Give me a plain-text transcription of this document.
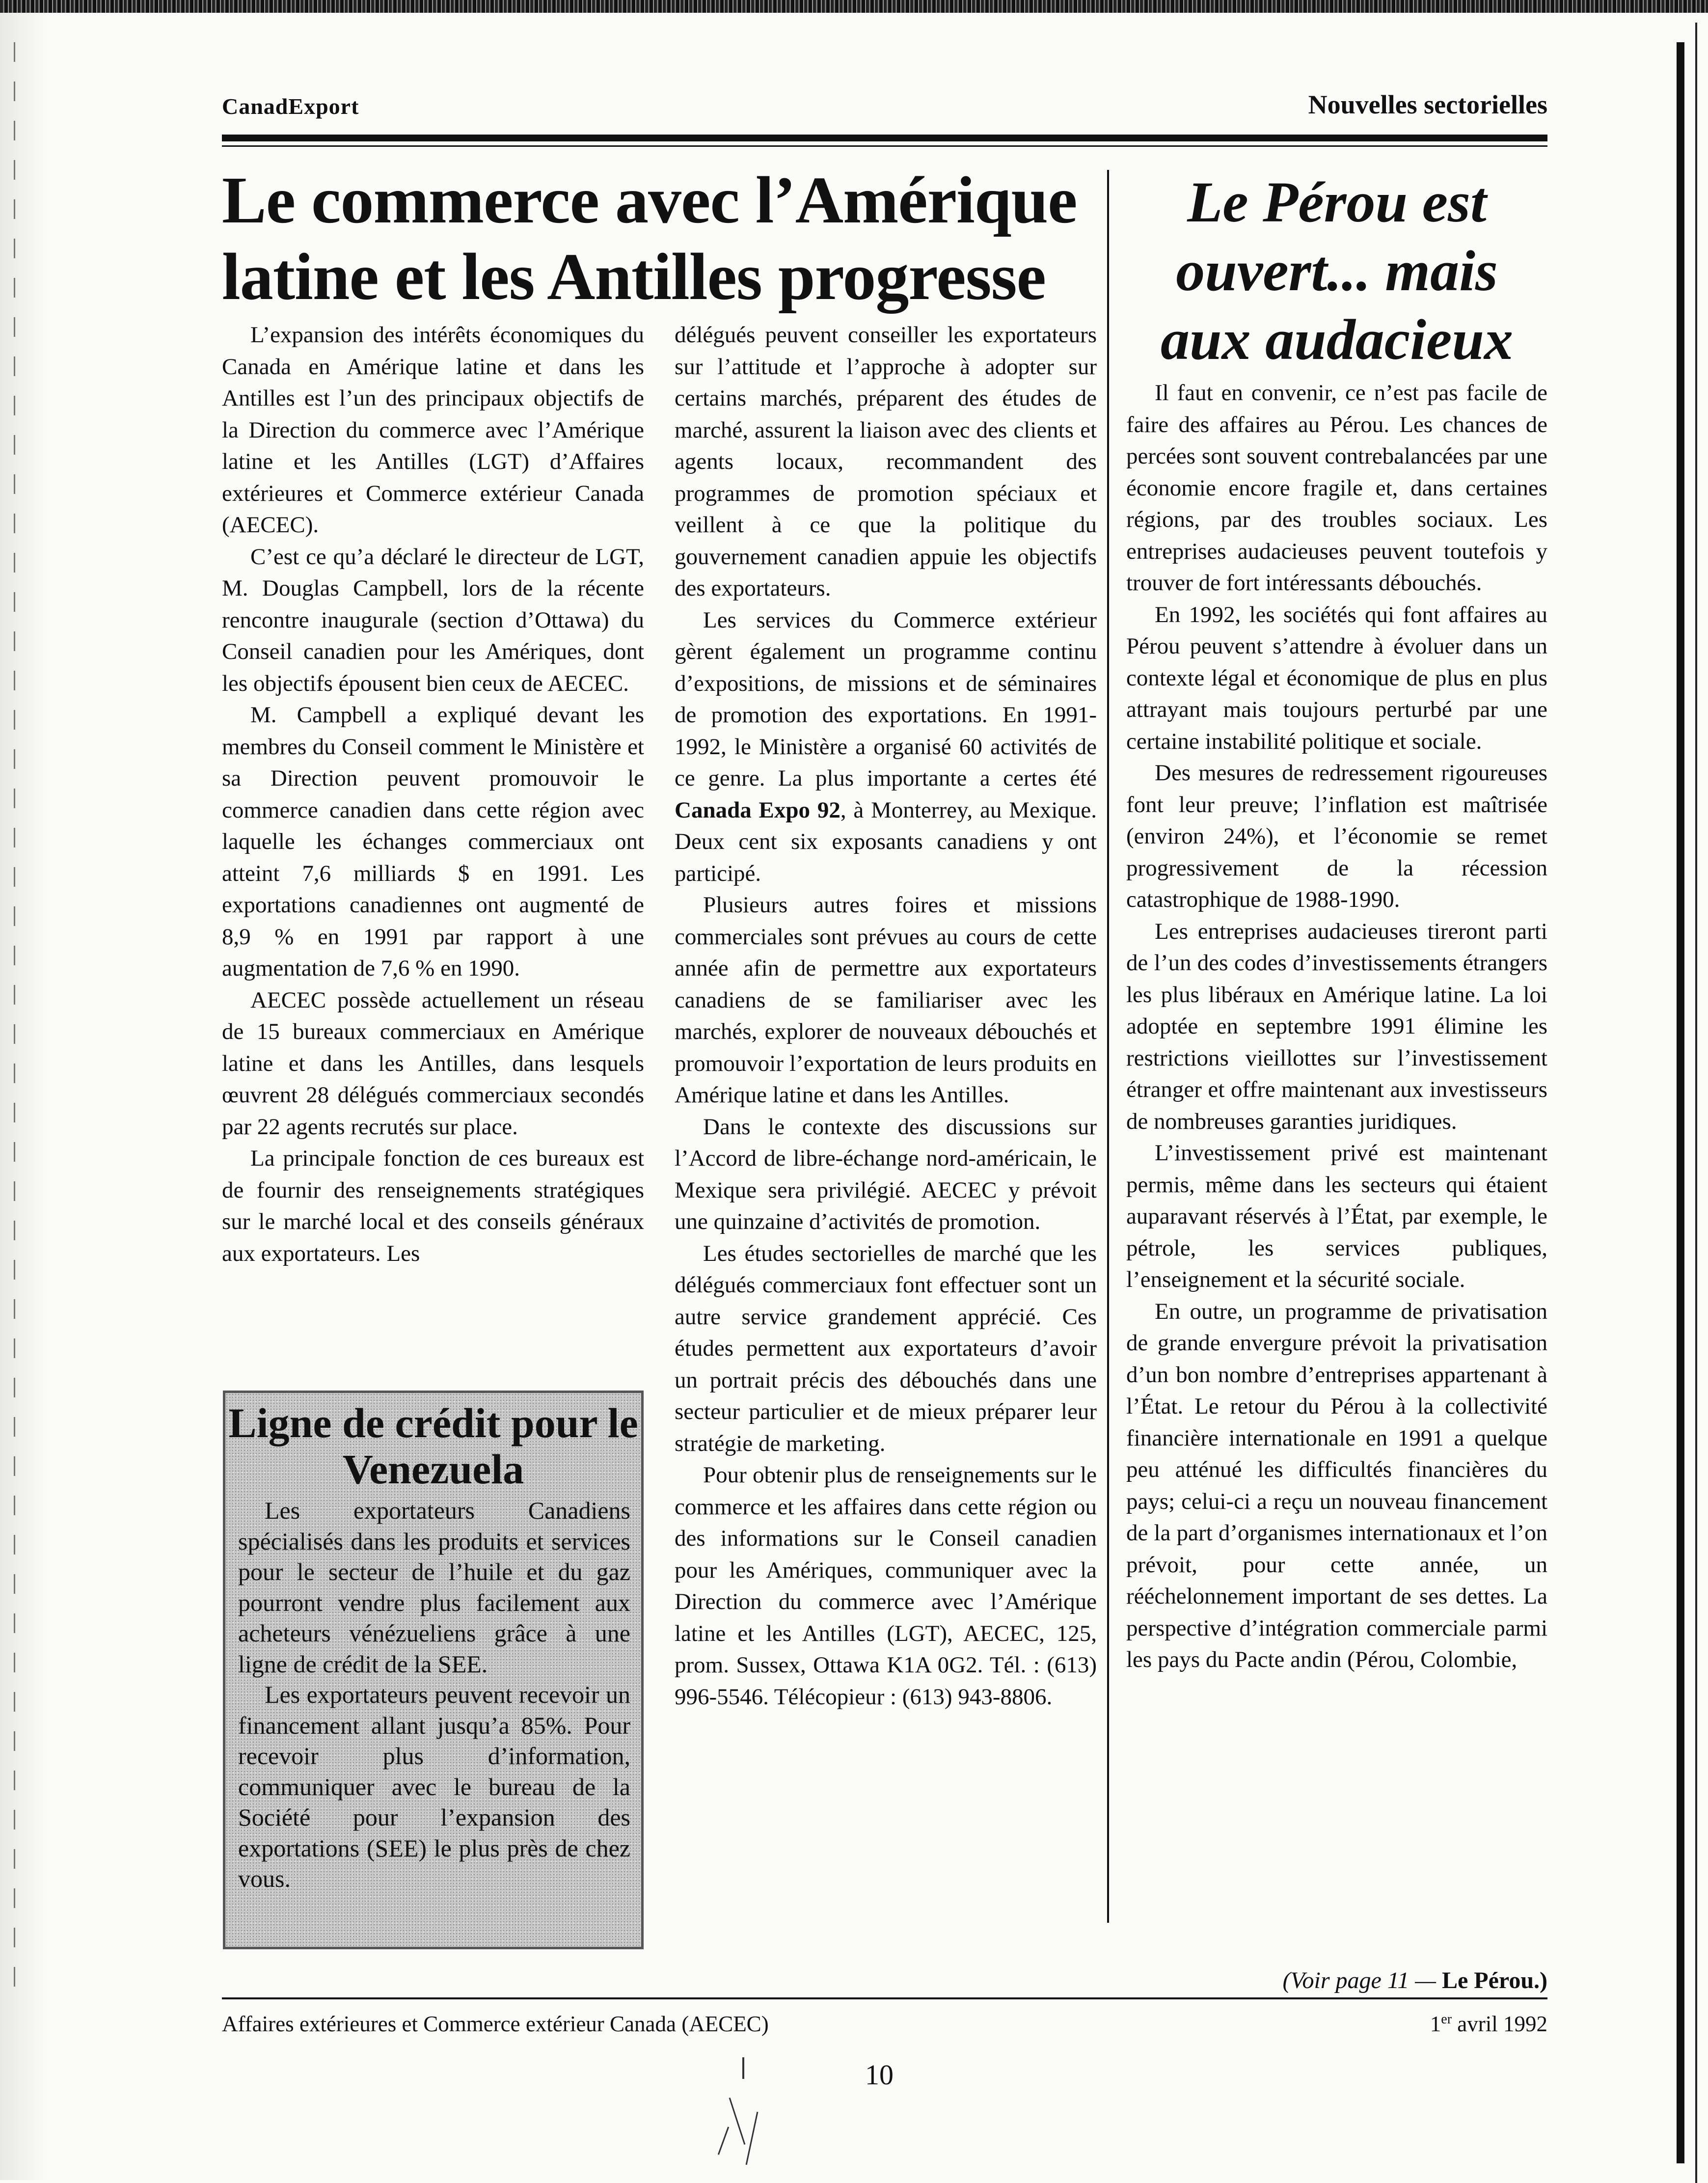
CanadExport	Nouvelles sectorielles
Le commerce avec l’Amérique latine et les Antilles progresse

L’expansion des intérêts économiques du Canada en Amérique latine et dans les Antilles est l’un des principaux objectifs de la Direction du commerce avec l’Amérique latine et les Antilles (LGT) d’Affaires extérieures et Commerce extérieur Canada (AECEC).

C’est ce qu’a déclaré le directeur de LGT, M. Douglas Campbell, lors de la récente rencontre inaugurale (section d’Ottawa) du Conseil canadien pour les Amériques, dont les objectifs épousent bien ceux de AECEC.

M. Campbell a expliqué devant les membres du Conseil comment le Ministère et sa Direction peuvent promouvoir le commerce canadien dans cette région avec laquelle les échanges commerciaux ont atteint 7,6 milliards $ en 1991. Les exportations canadiennes ont augmenté de 8,9 % en 1991 par rapport à une augmentation de 7,6 % en 1990.

AECEC possède actuellement un réseau de 15 bureaux commerciaux en Amérique latine et dans les Antilles, dans lesquels œuvrent 28 délégués commerciaux secondés par 22 agents recrutés sur place.

La principale fonction de ces bureaux est de fournir des renseignements stratégiques sur le marché local et des conseils généraux aux exportateurs. Les

Ligne de crédit pour le Venezuela

Les exportateurs Canadiens spécialisés dans les produits et services pour le secteur de l’huile et du gaz pourront vendre plus facilement aux acheteurs vénézueliens grâce à une ligne de crédit de la SEE.

Les exportateurs peuvent recevoir un financement allant jusqu’a 85%. Pour recevoir plus d’information, communiquer avec le bureau de la Société pour l’expansion des exportations (SEE) le plus près de chez vous.

délégués peuvent conseiller les exportateurs sur l’attitude et l’approche à adopter sur certains marchés, préparent des études de marché, assurent la liaison avec des clients et agents locaux, recommandent des programmes de promotion spéciaux et veillent à ce que la politique du gouvernement canadien appuie les objectifs des exportateurs.

Les services du Commerce extérieur gèrent également un programme continu d’expositions, de missions et de séminaires de promotion des exportations. En 1991-1992, le Ministère a organisé 60 activités de ce genre. La plus importante a certes été Canada Expo 92, à Monterrey, au Mexique. Deux cent six exposants canadiens y ont participé.

Plusieurs autres foires et missions commerciales sont prévues au cours de cette année afin de permettre aux exportateurs canadiens de se familiariser avec les marchés, explorer de nouveaux débouchés et promouvoir l’exportation de leurs produits en Amérique latine et dans les Antilles.

Dans le contexte des discussions sur l’Accord de libre-échange nord-américain, le Mexique sera privilégié. AECEC y prévoit une quinzaine d’activités de promotion.

Les études sectorielles de marché que les délégués commerciaux font effectuer sont un autre service grandement apprécié. Ces études permettent aux exportateurs d’avoir un portrait précis des débouchés dans une secteur particulier et de mieux préparer leur stratégie de marketing.

Pour obtenir plus de renseignements sur le commerce et les affaires dans cette région ou des informations sur le Conseil canadien pour les Amériques, communiquer avec la Direction du commerce avec l’Amérique latine et les Antilles (LGT), AECEC, 125, prom. Sussex, Ottawa K1A 0G2. Tél. : (613) 996-5546. Télécopieur : (613) 943-8806.

Le Pérou est ouvert... mais aux audacieux

Il faut en convenir, ce n’est pas facile de faire des affaires au Pérou. Les chances de percées sont souvent contrebalancées par une économie encore fragile et, dans certaines régions, par des troubles sociaux. Les entreprises audacieuses peuvent toutefois y trouver de fort intéressants débouchés.

En 1992, les sociétés qui font affaires au Pérou peuvent s’attendre à évoluer dans un contexte légal et économique de plus en plus attrayant mais toujours perturbé par une certaine instabilité politique et sociale.

Des mesures de redressement rigoureuses font leur preuve; l’inflation est maîtrisée (environ 24%), et l’économie se remet progressivement de la récession catastrophique de 1988-1990.

Les entreprises audacieuses tireront parti de l’un des codes d’investissements étrangers les plus libéraux en Amérique latine. La loi adoptée en septembre 1991 élimine les restrictions vieillottes sur l’investissement étranger et offre maintenant aux investisseurs de nombreuses garanties juridiques.

L’investissement privé est maintenant permis, même dans les secteurs qui étaient auparavant réservés à l’État, par exemple, le pétrole, les services publiques, l’enseignement et la sécurité sociale.

En outre, un programme de privatisation de grande envergure prévoit la privatisation d’un bon nombre d’entreprises appartenant à l’État. Le retour du Pérou à la collectivité financière internationale en 1991 a quelque peu atténué les difficultés financières du pays; celui-ci a reçu un nouveau financement de la part d’organismes internationaux et l’on prévoit, pour cette année, un rééchelonnement important de ses dettes. La perspective d’intégration commerciale parmi les pays du Pacte andin (Pérou, Colombie,

(Voir page 11 — Le Pérou.)
Affaires extérieures et Commerce extérieur Canada (AECEC)	1er avril 1992
10
